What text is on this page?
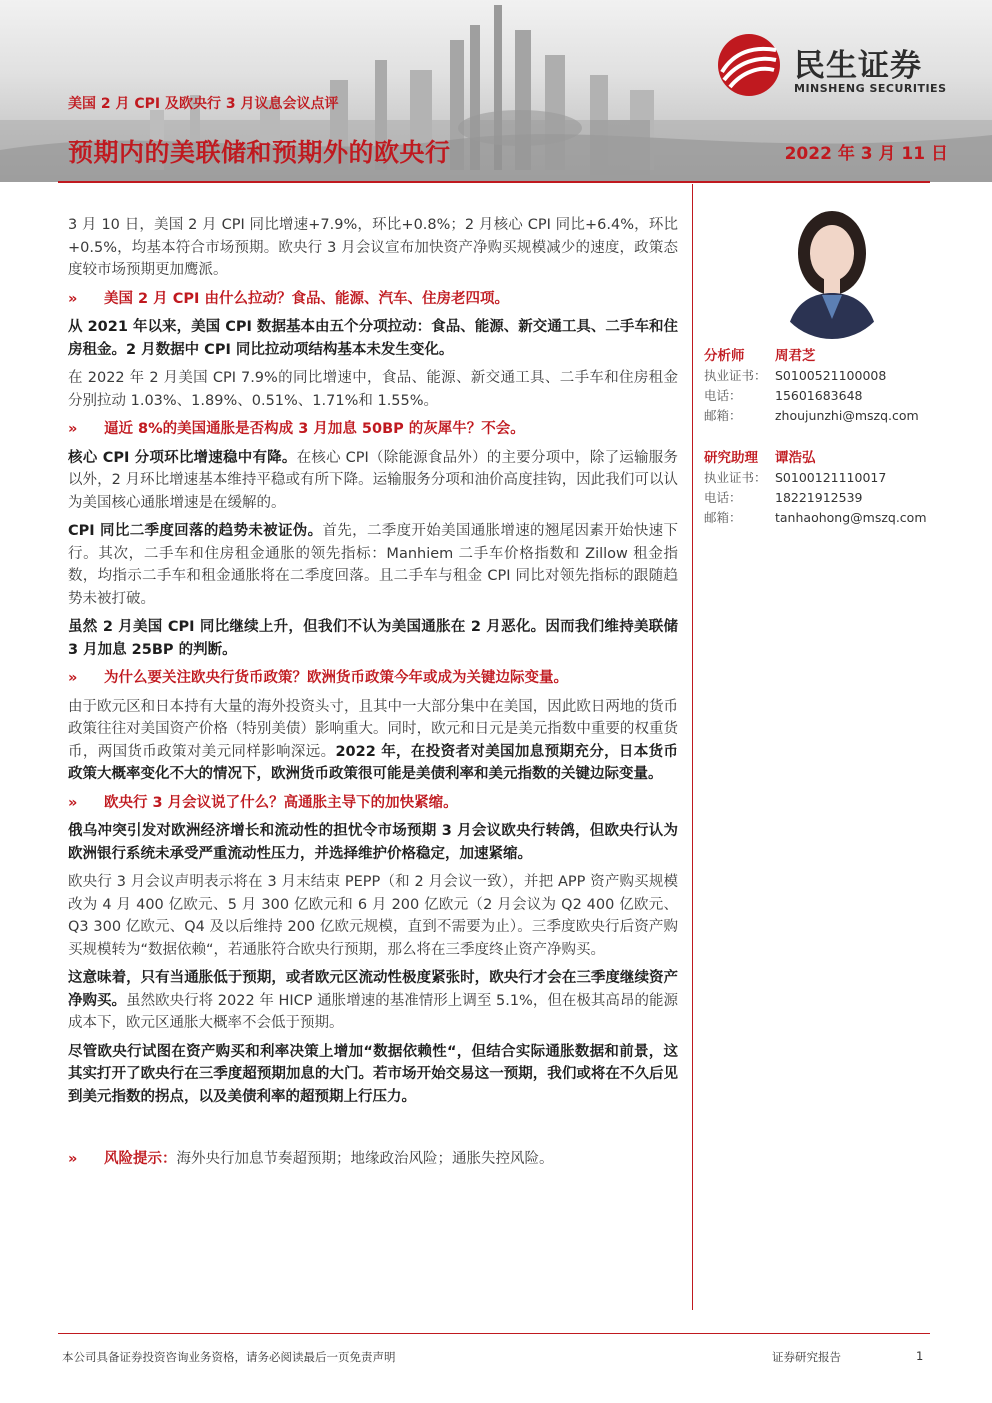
美国 2 月 CPI 及欧央行 3 月议息会议点评
预期内的美联储和预期外的欧央行	2022 年 3 月 11 日
民生证券
MINSHENG SECURITIES

3 月 10 日，美国 2 月 CPI 同比增速+7.9%，环比+0.8%；2 月核心 CPI 同比+6.4%，环比+0.5%，均基本符合市场预期。欧央行 3 月会议宣布加快资产净购买规模减少的速度，政策态度较市场预期更加鹰派。

»	美国 2 月 CPI 由什么拉动？食品、能源、汽车、住房老四项。

从 2021 年以来，美国 CPI 数据基本由五个分项拉动：食品、能源、新交通工具、二手车和住房租金。2 月数据中 CPI 同比拉动项结构基本未发生变化。

在 2022 年 2 月美国 CPI 7.9%的同比增速中，食品、能源、新交通工具、二手车和住房租金分别拉动 1.03%、1.89%、0.51%、1.71%和 1.55%。

»	逼近 8%的美国通胀是否构成 3 月加息 50BP 的灰犀牛？不会。

核心 CPI 分项环比增速稳中有降。在核心 CPI（除能源食品外）的主要分项中，除了运输服务以外，2 月环比增速基本维持平稳或有所下降。运输服务分项和油价高度挂钩，因此我们可以认为美国核心通胀增速是在缓解的。

CPI 同比二季度回落的趋势未被证伪。首先，二季度开始美国通胀增速的翘尾因素开始快速下行。其次，二手车和住房租金通胀的领先指标：Manhiem 二手车价格指数和 Zillow 租金指数，均指示二手车和租金通胀将在二季度回落。且二手车与租金 CPI 同比对领先指标的跟随趋势未被打破。

虽然 2 月美国 CPI 同比继续上升，但我们不认为美国通胀在 2 月恶化。因而我们维持美联储 3 月加息 25BP 的判断。

»	为什么要关注欧央行货币政策？欧洲货币政策今年或成为关键边际变量。

由于欧元区和日本持有大量的海外投资头寸，且其中一大部分集中在美国，因此欧日两地的货币政策往往对美国资产价格（特别美债）影响重大。同时，欧元和日元是美元指数中重要的权重货币，两国货币政策对美元同样影响深远。2022 年，在投资者对美国加息预期充分，日本货币政策大概率变化不大的情况下，欧洲货币政策很可能是美债利率和美元指数的关键边际变量。

»	欧央行 3 月会议说了什么？高通胀主导下的加快紧缩。

俄乌冲突引发对欧洲经济增长和流动性的担忧令市场预期 3 月会议欧央行转鸽，但欧央行认为欧洲银行系统未承受严重流动性压力，并选择维护价格稳定，加速紧缩。

欧央行 3 月会议声明表示将在 3 月末结束 PEPP（和 2 月会议一致），并把 APP 资产购买规模改为 4 月 400 亿欧元、5 月 300 亿欧元和 6 月 200 亿欧元（2 月会议为 Q2 400 亿欧元、Q3 300 亿欧元、Q4 及以后维持 200 亿欧元规模，直到不需要为止）。三季度欧央行后资产购买规模转为“数据依赖“，若通胀符合欧央行预期，那么将在三季度终止资产净购买。

这意味着，只有当通胀低于预期，或者欧元区流动性极度紧张时，欧央行才会在三季度继续资产净购买。虽然欧央行将 2022 年 HICP 通胀增速的基准情形上调至 5.1%，但在极其高昂的能源成本下，欧元区通胀大概率不会低于预期。

尽管欧央行试图在资产购买和利率决策上增加“数据依赖性“，但结合实际通胀数据和前景，这其实打开了欧央行在三季度超预期加息的大门。若市场开始交易这一预期，我们或将在不久后见到美元指数的拐点，以及美债利率的超预期上行压力。

»	风险提示：海外央行加息节奏超预期；地缘政治风险；通胀失控风险。
分析师	周君芝
执业证书： S0100521100008
电话：	15601683648
邮箱：	zhoujunzhi@mszq.com
研究助理	谭浩弘
执业证书： S0100121110017
电话：	18221912539
邮箱：	tanhaohong@mszq.com
本公司具备证券投资咨询业务资格，请务必阅读最后一页免责声明	证券研究报告	1
